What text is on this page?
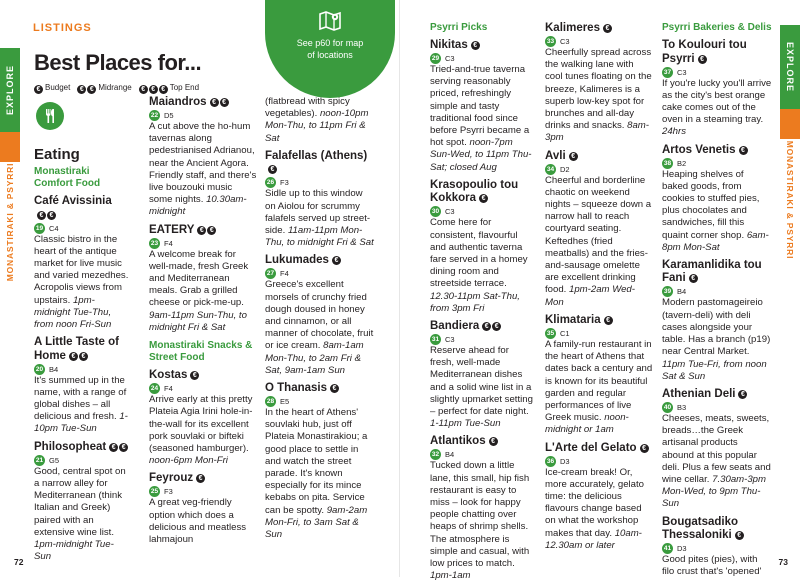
EXPLORE
MONASTIRAKI & PSYRRI
LISTINGS
Best Places for...
€ Budget	€ € Midrange	€ € € Top End
Eating
Monastiraki Comfort Food
Café Avissinia
€ €
19 C4
Classic bistro in the heart of the antique market for live music and varied mezedhes. Acropolis views from upstairs. 1pm-midnight Tue-Thu, from noon Fri-Sun
A Little Taste of Home € €
20 B4
It's summed up in the name, with a range of global dishes – all delicious and fresh. 1-10pm Tue-Sun
Philosopheat € €
21 G5
Good, central spot on a narrow alley for Mediterranean (think Italian and Greek) paired with an extensive wine list. 1pm-midnight Tue-Sun
Maiandros € €
22 D5
A cut above the ho-hum tavernas along pedestrianised Adrianou, near the Ancient Agora. Friendly staff, and there's live bouzouki music some nights. 10.30am-midnight
EATERY € €
23 F4
A welcome break for well-made, fresh Greek and Mediterranean meals. Grab a grilled cheese or pick-me-up. 9am-11pm Sun-Thu, to midnight Fri & Sat
Monastiraki Snacks & Street Food
Kostas €
24 F4
Arrive early at this pretty Plateia Agia Irini hole-in-the-wall for its excellent pork souvlaki or bifteki (seasoned hamburger). noon-6pm Mon-Fri
Feyrouz €
25 F3
A great veg-friendly option which does a delicious and meatless lahmajoun
(flatbread with spicy vegetables). noon-10pm Mon-Thu, to 11pm Fri & Sat
Falafellas (Athens)
€
26 F3
Sidle up to this window on Aiolou for scrummy falafels served up street-side. 11am-11pm Mon-Thu, to midnight Fri & Sat
Lukumades €
27 F4
Greece's excellent morsels of crunchy fried dough doused in honey and cinnamon, or all manner of chocolate, fruit or ice cream. 8am-1am Mon-Thu, to 2am Fri & Sat, 9am-1am Sun
O Thanasis €
28 E5
In the heart of Athens' souvlaki hub, just off Plateia Monastirakiou; a good place to settle in and watch the street parade. It's known especially for its mince kebabs on pita. Service can be spotty. 9am-2am Mon-Fri, to 3am Sat & Sun
See p60 for map
of locations
72
Psyrri Picks
Nikitas €
29 C3
Tried-and-true taverna serving reasonably priced, refreshingly simple and tasty traditional food since before Psyrri became a hot spot. noon-7pm Sun-Wed, to 11pm Thu-Sat; closed Aug
Krasopoulio tou Kokkora €
30 C3
Come here for consistent, flavourful and authentic taverna fare served in a homey dining room and streetside terrace. 12.30-11pm Sat-Thu, from 3pm Fri
Bandiera € €
31 C3
Reserve ahead for fresh, well-made Mediterranean dishes and a solid wine list in a slightly upmarket setting – perfect for date night. 1-11pm Tue-Sun
Atlantikos €
32 B4
Tucked down a little lane, this small, hip fish restaurant is easy to miss – look for happy people chatting over heaps of shrimp shells. The atmosphere is simple and casual, with low prices to match. 1pm-1am
Kalimeres €
33 C3
Cheerfully spread across the walking lane with cool tunes floating on the breeze, Kalimeres is a superb low-key spot for brunches and all-day drinks and snacks. 8am-3pm
Avli €
34 D2
Cheerful and borderline chaotic on weekend nights – squeeze down a narrow hall to reach courtyard seating. Keftedhes (fried meatballs) and the fries-and-sausage omelette are excellent drinking food. 1pm-2am Wed-Mon
Klimataria €
35 C1
A family-run restaurant in the heart of Athens that dates back a century and is known for its beautiful garden and regular performances of live Greek music. noon-midnight or 1am
L'Arte del Gelato €
36 D3
Ice-cream break! Or, more accurately, gelato time: the delicious flavours change based on what the workshop makes that day. 10am-12.30am or later
Psyrri Bakeries & Delis
To Koulouri tou Psyrri €
37 C3
If you're lucky you'll arrive as the city's best orange cake comes out of the oven in a steaming tray. 24hrs
Artos Venetis €
38 B2
Heaping shelves of baked goods, from cookies to stuffed pies, plus chocolates and sandwiches, fill this quaint corner shop. 6am-8pm Mon-Sat
Karamanlidika tou Fani €
39 B4
Modern pastomageireio (tavern-deli) with deli cases alongside your table. Has a branch (p19) near Central Market. 11pm Tue-Fri, from noon Sat & Sun
Athenian Deli €
40 B3
Cheeses, meats, sweets, breads…the Greek artisanal products abound at this popular deli. Plus a few seats and wine cellar. 7.30am-3pm Mon-Wed, to 9pm Thu-Sun
Bougatsadiko Thessaloniki €
41 D3
Good pites (pies), with filo crust that's 'opened'
EXPLORE
MONASTIRAKI & PSYRRI
73
